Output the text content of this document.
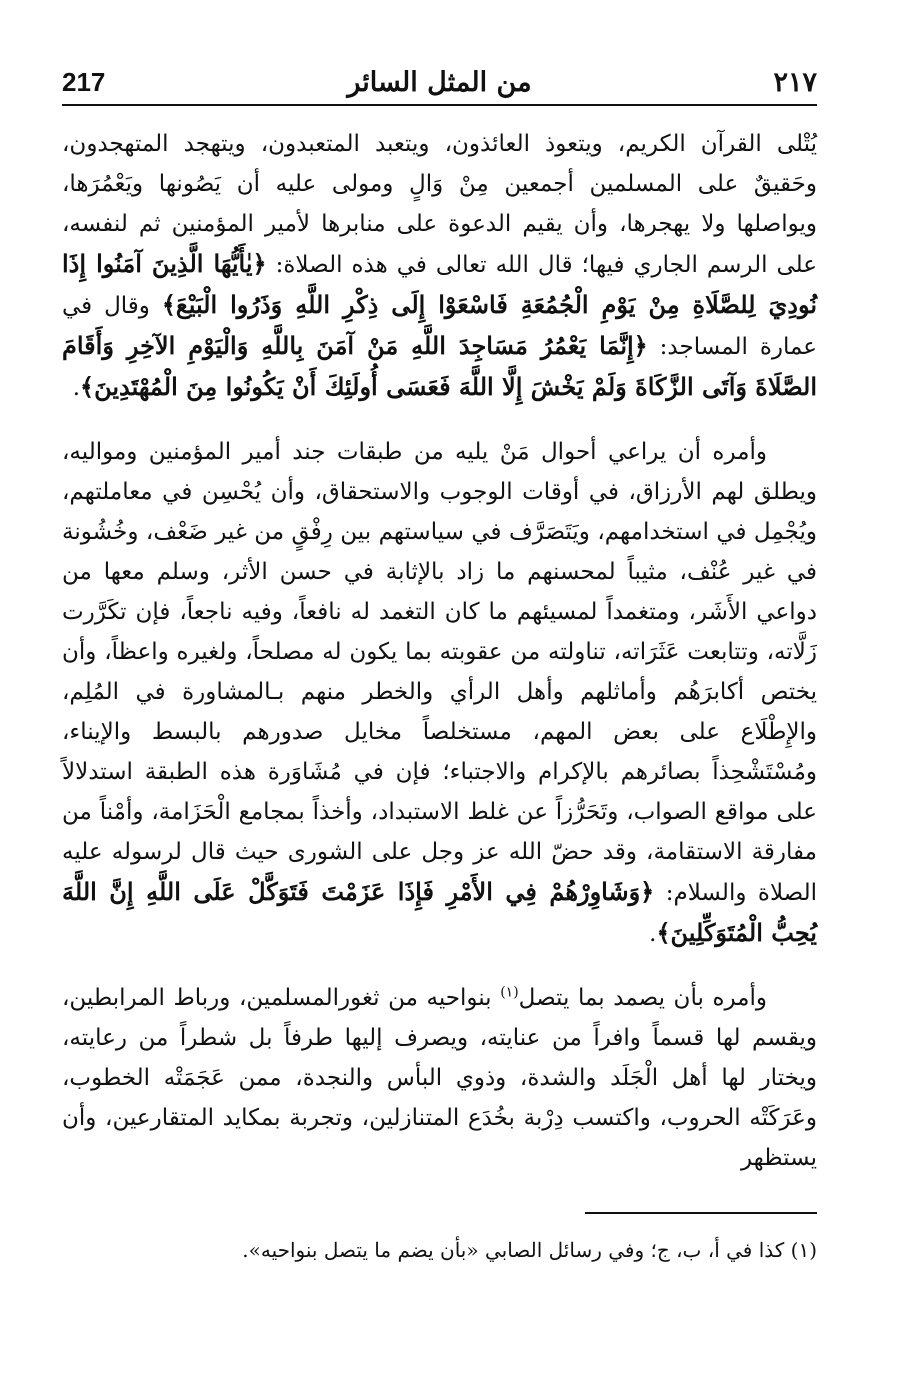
217	من المثل السائر	٢١٧

يُتْلى القرآن الكريم، ويتعوذ العائذون، ويتعبد المتعبدون، ويتهجد المتهجدون، وحَقيقٌ على المسلمين أجمعين مِنْ وَالٍ ومولى عليه أن يَصُونها ويَعْمُرَها، ويواصلها ولا يهجرها، وأن يقيم الدعوة على منابرها لأمير المؤمنين ثم لنفسه، على الرسم الجاري فيها؛ قال الله تعالى في هذه الصلاة: ﴿يٰأَيُّهَا الَّذِينَ آمَنُوا إِذَا نُودِيَ لِلصَّلَاةِ مِنْ يَوْمِ الْجُمُعَةِ فَاسْعَوْا إِلَى ذِكْرِ اللَّهِ وَذَرُوا الْبَيْعَ﴾ وقال في عمارة المساجد: ﴿إِنَّمَا يَعْمُرُ مَسَاجِدَ اللَّهِ مَنْ آمَنَ بِاللَّهِ وَالْيَوْمِ الآخِرِ وَأَقَامَ الصَّلَاةَ وَآتَى الزَّكَاةَ وَلَمْ يَخْشَ إِلَّا اللَّهَ فَعَسَى أُولَئِكَ أَنْ يَكُونُوا مِنَ الْمُهْتَدِينَ﴾.

وأمره أن يراعي أحوال مَنْ يليه من طبقات جند أمير المؤمنين ومواليه، ويطلق لهم الأرزاق، في أوقات الوجوب والاستحقاق، وأن يُحْسِن في معاملتهم، ويُجْمِل في استخدامهم، ويَتَصَرَّف في سياستهم بين رِفْقٍ من غير ضَعْف، وخُشُونة في غير عُنْف، مثيباً لمحسنهم ما زاد بالإثابة في حسن الأثر، وسلم معها من دواعي الأَشَر، ومتغمداً لمسيئهم ما كان التغمد له نافعاً، وفيه ناجعاً، فإن تكَرَّرت زَلَّاته، وتتابعت عَثَرَاته، تناولته من عقوبته بما يكون له مصلحاً، ولغيره واعظاً، وأن يختص أكابرَهُم وأماثلهم وأهل الرأي والخطر منهم بـالمشاورة في المُلِم، والإِطْلَاع على بعض المهم، مستخلصاً مخايل صدورهم بالبسط والإيناء، ومُسْتَشْحِذاً بصائرهم بالإكرام والاجتباء؛ فإن في مُشَاوَرة هذه الطبقة استدلالاً على مواقع الصواب، وتَحَرُّزاً عن غلط الاستبداد، وأخذاً بمجامع الْحَزَامة، وأمْناً من مفارقة الاستقامة، وقد حضّ الله عز وجل على الشورى حيث قال لرسوله عليه الصلاة والسلام: ﴿وَشَاوِرْهُمْ فِي الأَمْرِ فَإِذَا عَزَمْتَ فَتَوَكَّلْ عَلَى اللَّهِ إِنَّ اللَّهَ يُحِبُّ الْمُتَوَكِّلِينَ﴾.

وأمره بأن يصمد بما يتصل$^{(١)}$ بنواحيه من ثغورالمسلمين، ورباط المرابطين، ويقسم لها قسماً وافراً من عنايته، ويصرف إليها طرفاً بل شطراً من رعايته، ويختار لها أهل الْجَلَد والشدة، وذوي البأس والنجدة، ممن عَجَمَتْه الخطوب، وعَرَكَتْه الحروب، واكتسب دِرْبة بخُدَع المتنازلين، وتجربة بمكايد المتقارعين، وأن يستظهر

(١) كذا في أ، ب، ج؛ وفي رسائل الصابي «بأن يضم ما يتصل بنواحيه».
